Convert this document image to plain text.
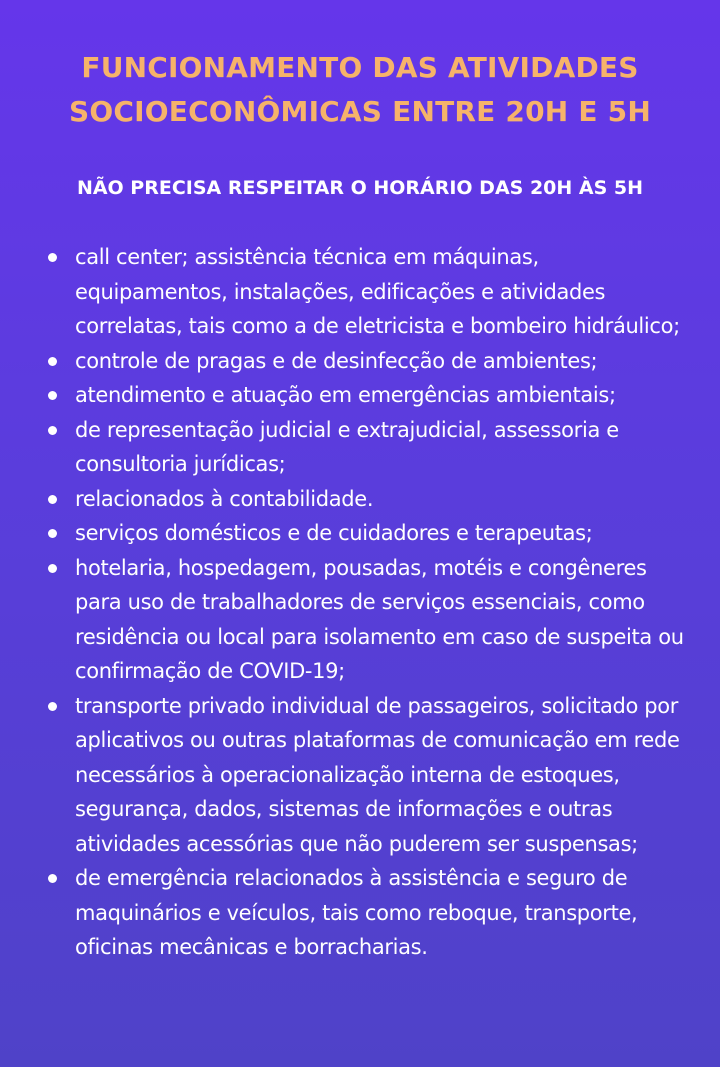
FUNCIONAMENTO DAS ATIVIDADES
SOCIOECONÔMICAS ENTRE 20H E 5H
NÃO PRECISA RESPEITAR O HORÁRIO DAS 20H ÀS 5H
call center; assistência técnica em máquinas, equipamentos, instalações, edificações e atividades correlatas, tais como a de eletricista e bombeiro hidráulico;
controle de pragas e de desinfecção de ambientes;
atendimento e atuação em emergências ambientais;
de representação judicial e extrajudicial, assessoria e consultoria jurídicas;
relacionados à contabilidade.
serviços domésticos e de cuidadores e terapeutas;
hotelaria, hospedagem, pousadas, motéis e congêneres para uso de trabalhadores de serviços essenciais, como residência ou local para isolamento em caso de suspeita ou confirmação de COVID-19;
transporte privado individual de passageiros, solicitado por aplicativos ou outras plataformas de comunicação em rede necessários à operacionalização interna de estoques, segurança, dados, sistemas de informações e outras atividades acessórias que não puderem ser suspensas;
de emergência relacionados à assistência e seguro de maquinários e veículos, tais como reboque, transporte, oficinas mecânicas e borracharias.
